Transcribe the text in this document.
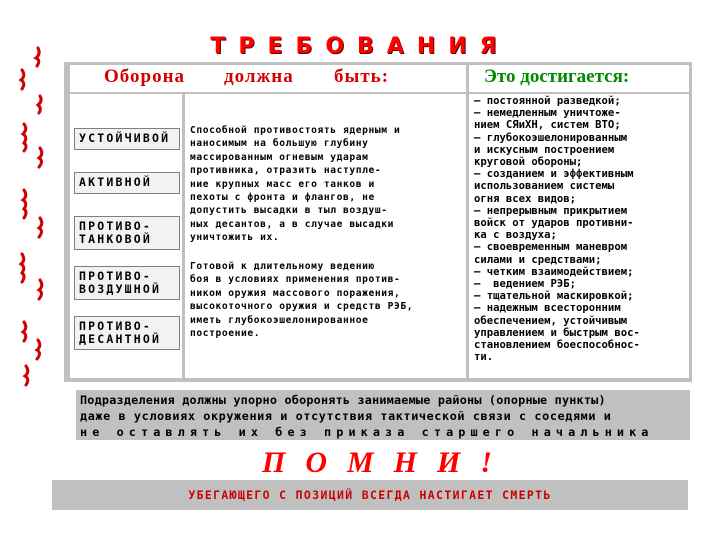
ТРЕБОВАНИЯ
Оборона должна быть:	Это достигается:
УСТОЙЧИВОЙ
АКТИВНОЙ
ПРОТИВО-
ТАНКОВОЙ
ПРОТИВО-
ВОЗДУШНОЙ
ПРОТИВО-
ДЕСАНТНОЙ
Способной противостоять ядерным и
наносимым на большую глубину
массированным огневым ударам
противника, отразить наступле-
ние крупных масс его танков и
пехоты с фронта и флангов, не
допустить высадки в тыл воздуш-
ных десантов, а в случае высадки
уничтожить их.
Готовой к длительному ведению
боя в условиях применения против-
ником оружия массового поражения,
высокоточного оружия и средств РЭБ,
иметь глубокоэшелонированное
построение.
– постоянной разведкой;
– немедленным уничтоже-
нием СЯиХН, систем ВТО;
– глубокоэшелонированным
и искусным построением
круговой обороны;
– созданием и эффективным
использованием системы
огня всех видов;
– непрерывным прикрытием
войск от ударов противни-
ка с воздуха;
– своевременным маневром
силами и средствами;
– четким взаимодействием;
–  ведением РЭБ;
– тщательной маскировкой;
– надежным всесторонним
обеспечением, устойчивым
управлением и быстрым вос-
становлением боеспособнос-
ти.
Подразделения должны упорно оборонять занимаемые районы (опорные пункты)
даже в условиях окружения и отсутствия тактической связи с соседями и
не оставлять их без приказа старшего начальника
ПОМНИ!
УБЕГАЮЩЕГО С ПОЗИЦИЙ ВСЕГДА НАСТИГАЕТ СМЕРТЬ
